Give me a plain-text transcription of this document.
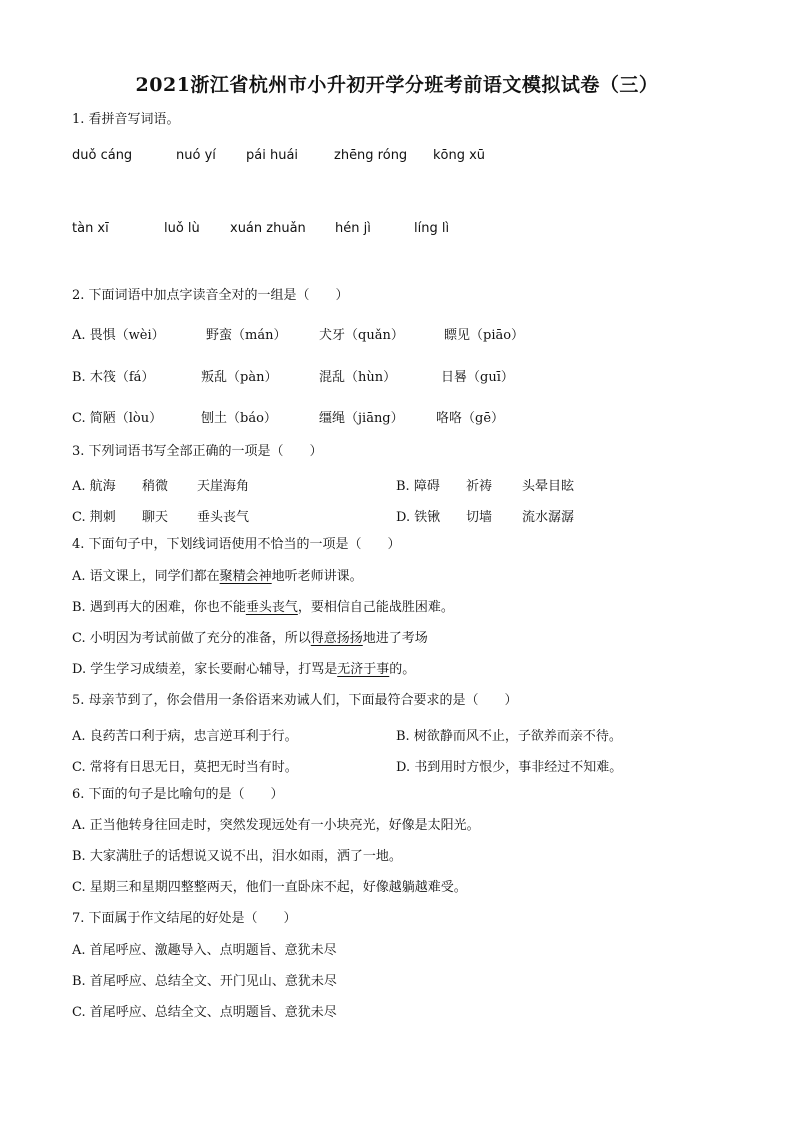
2021浙江省杭州市小升初开学分班考前语文模拟试卷（三）
1. 看拼音写词语。
duǒ cáng	nuó yí pái huái	zhēng róng kōng xū
tàn xī	luǒ lù xuán zhuǎn hén jì	líng lì
2. 下面词语中加点字读音全对的一组是（　　）
A. 畏惧（wèi）	野蛮（mán）	犬牙（quǎn）	瞟见（piāo）
B. 木筏（fá）	叛乱（pàn）	混乱（hùn）	日晷（guī）
C. 简陋（lòu）	刨土（báo）	缰绳（jiāng） 咯咯（gē）
3. 下列词语书写全部正确的一项是（　　）
A. 航海 稍微 天崖海角	B. 障碍 祈祷 头晕目眩
C. 荆刺 聊天 垂头丧气	D. 铁锹 切墙 流水潺潺
4. 下面句子中，下划线词语使用不恰当的一项是（　　）
A. 语文课上，同学们都在聚精会神地听老师讲课。
B. 遇到再大的困难，你也不能垂头丧气，要相信自己能战胜困难。
C. 小明因为考试前做了充分的准备，所以得意扬扬地进了考场
D. 学生学习成绩差，家长要耐心辅导，打骂是无济于事的。
5. 母亲节到了，你会借用一条俗语来劝诫人们，下面最符合要求的是（　　）
A. 良药苦口利于病，忠言逆耳利于行。	B. 树欲静而风不止，子欲养而亲不待。
C. 常将有日思无日，莫把无时当有时。	D. 书到用时方恨少，事非经过不知难。
6. 下面的句子是比喻句的是（　　）
A. 正当他转身往回走时，突然发现远处有一小块亮光，好像是太阳光。
B. 大家满肚子的话想说又说不出，泪水如雨，洒了一地。
C. 星期三和星期四整整两天，他们一直卧床不起，好像越躺越难受。
7. 下面属于作文结尾的好处是（　　）
A. 首尾呼应、激趣导入、点明题旨、意犹未尽
B. 首尾呼应、总结全文、开门见山、意犹未尽
C. 首尾呼应、总结全文、点明题旨、意犹未尽
